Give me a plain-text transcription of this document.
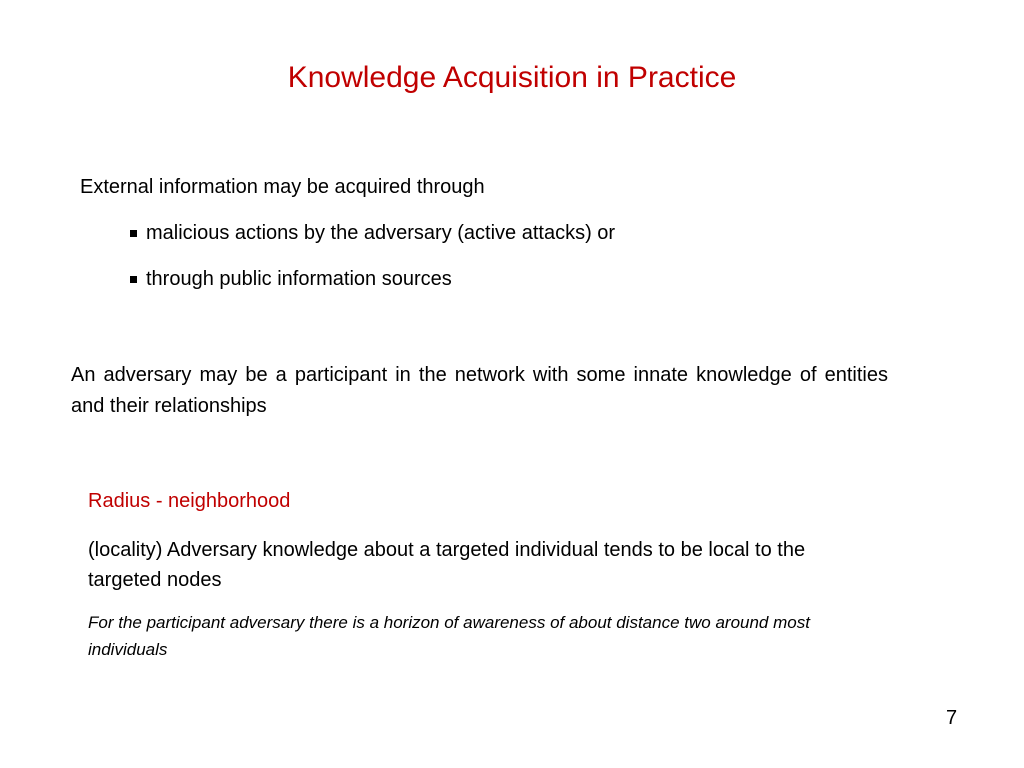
Knowledge Acquisition in Practice
External information may be acquired through
malicious actions by the adversary (active attacks) or
through public information sources
An adversary may be a participant in the network with some innate knowledge of entities and their relationships
Radius - neighborhood
(locality) Adversary knowledge about a targeted individual tends to be local to the targeted nodes
For the participant adversary there is a horizon of awareness of about distance two around most individuals
7
